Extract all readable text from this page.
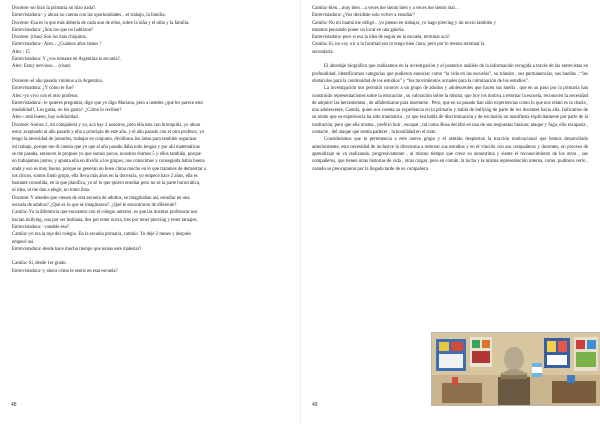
Docente:-no hizo la primaria no hizo nada?.

Entrevistadora:- y ahora no cuenta con las oportunidades…el trabajo, la familia.

Docente:-Esa es la que más debería de cada uno de ellos, sobre la niña y el niño y la familia.

Entrevistadora: ¿Son los que no hablaron?

Docente: (risas) Son los más chiquitos.

Entrevistadora:- Alex…¿Cuántos años tienes ?

Alex : 15

Entrevistadora: Y ¿vos tomaste en Argentina la escuela?.

Alex: Estoy nervioso… (risas)

Docente:-el año pasado vinimos a la Argentina.

Entrevistadora: ¿Y cómo te fue?

Alex:-yo vivo con el otro profesor.

Entrevistadora:- le quieres preguntar, digo que yo digo Mariana, pero a ustedes ¿qué les parece esto

modalidad?, Los gusta, no los gusta?. ¿Cómo lo reciben?

Alex:- está bueno, hay solidaridad.

Docente:-Somos 2, mi compañera y yo, acá hay 2 nosotros, pero ella esta con bronquitis, yo ahora

estoy aceptando al año pasado y ella a principio de este año, y el año pasado con el otro profesor, yo

tengo la necesidad de juntarlos, trabajar en conjunto, dividimos los áreas para también organizar

mi trabajo, porque me di cuenta que yo que el año pasado daba todo lengua y por ahí matemáticas

se me pasaba, entonces le propuse yo que somos pocos, nosotros éramos 5 y ellos también, porque

no trabajamos juntos, y apunta ella en dividir a los grupos, nos conocimos y conseguida había buena

onda y eso es muy bueno, porque se generan un buen clima mucho en lo que tratamos de demostrar a

los chicos, somos lindo grupo, ella lleva más años en la docencia, yo empecé hace 2 años, ella es

bastante consolida, en la que planifica, yo sé lo que quiero enseñar pero no sé la parte burocrática,

ni idea, ni me dan a elegir, no tomo lista.

Docente: Y ustedes que vienen de otra escuela de adultos, se imaginaban así, estudiar en una

escuela de adultos? ¿Qué es lo que se imaginaron?. ¿Qué le encontraron de diferente?.

Camila:-Yo la diferencia que encuentro con el colegio anterior, es que las mismas profesoras nos

hacían bullying, una por ser lesbiana, dos por tener novia, tres por tener piercing y tener tatuajes.

Entrevistadora: - notable eso?

Camila:-yo era la reja del colegio. En la escuela primaria, cambio. Yo dejé 2 meses y después

empecé así.

Entrevistadora:-desde hace mucho tiempo que tenías este malestar?

Camila:-Sí, desde 1er grado.

Entrevistadora:-y ahora cómo te sentís en esta escuela?

48

Camila:-bien…muy bien…a veces me siento bien y a veces me siento mal…

Entrevistadora:-¿Vos decidiste solo volver a estudiar?

Camila:-No mi mamá me obligó…yo pienso en trabajar, yo hago piercing y mi novio también y

estamos pensando poner un local en una galería.

Entrevistadora:-pero si esa la idea de seguir en la escuela, terminar acá?

Camila:-Sí, no voy a ir a la facultad eso lo tengo bien claro, pero por lo menos terminar la

secundaria.

El abordaje biográfico que realizamos en la investigación y el posterior análisis de la información recogida a través de las entrevistas en profundidad, identificamos categorías que pudieron enunciar como “la vida en las escuelas”, su tránsito , sus permanencias, sus huellas ; “los obstáculos para la continuidad de los estudios” y “los movimientos actuales para la culminación de los estudios”.

La investigación nos permitió conocer a un grupo de adultos y adolescentes que hacen sus huella , que en su paso por la primaria han construido representaciones sobre la educación , su valoración sobre la misma, que hoy los motiva a retornar la escuela, reconocen la necesidad de adquirir las herramientas , de alfabetizarse para insertarse . Pero, que en su pasado han sido experiencias como lo que nos relató es la charla , una adolescente, Camila, quien nos cuenta su experiencia en la primaria y habla de bullying de parte de los docentes hacia ella. Indicamos de su relato que su experiencia ha sido traumática , ya que esa habla de discriminación y de exclusión no manifiesta explícitamente por parte de la institución, pero que ella misma , prefirió huir , escapar , tal como Rosa decidió en una de sus respuestas básicas; ataque y fuga; ello escaparía , contacte , del ataque que sentía padecer , la hostilidad en el trato.

Consideramos que la pertenencia a este nuevo grupo y el sentido despiertan la tracción motivacional que hemos desarrollado anteriormente, esta necesidad de inclusive la directorna a retornar sus estudios y en el vínculo con sus compañeros y docentes, un proceso de aprendizaje se va realizando, progresivamente , al mismo tiempo que crece su autoestima y siente el reconocimiento de los otros , sus compañeros, que tienen otras historias de vida , otras cargas, pero en común, la lucha y la misma representación interna, como: pudimos verlo , cuando se preocuparon por la llegada tarde de su compañera.

49
